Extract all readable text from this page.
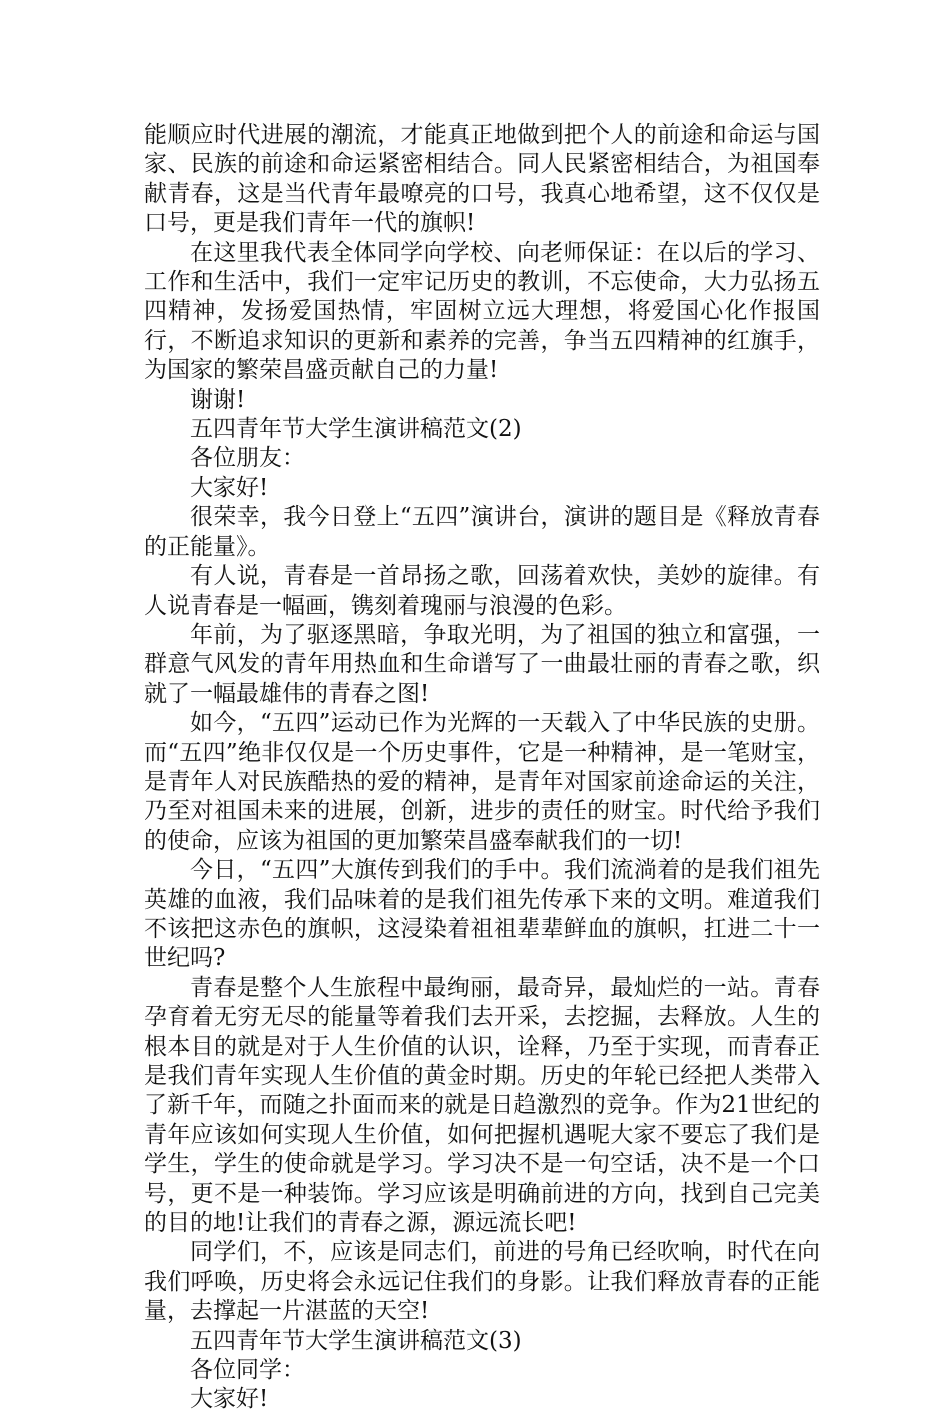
能顺应时代进展的潮流，才能真正地做到把个人的前途和命运与国家、民族的前途和命运紧密相结合。同人民紧密相结合，为祖国奉献青春，这是当代青年最嘹亮的口号，我真心地希望，这不仅仅是口号，更是我们青年一代的旗帜!

在这里我代表全体同学向学校、向老师保证：在以后的学习、工作和生活中，我们一定牢记历史的教训，不忘使命，大力弘扬五四精神，发扬爱国热情，牢固树立远大理想，将爱国心化作报国行，不断追求知识的更新和素养的完善，争当五四精神的红旗手，为国家的繁荣昌盛贡献自己的力量!

谢谢!

五四青年节大学生演讲稿范文(2)

各位朋友：

大家好!

很荣幸，我今日登上“五四”演讲台，演讲的题目是《释放青春的正能量》。

有人说，青春是一首昂扬之歌，回荡着欢快，美妙的旋律。有人说青春是一幅画，镌刻着瑰丽与浪漫的色彩。

年前，为了驱逐黑暗，争取光明，为了祖国的独立和富强，一群意气风发的青年用热血和生命谱写了一曲最壮丽的青春之歌，织就了一幅最雄伟的青春之图!

如今，“五四”运动已作为光辉的一天载入了中华民族的史册。而“五四”绝非仅仅是一个历史事件，它是一种精神，是一笔财宝，是青年人对民族酷热的爱的精神，是青年对国家前途命运的关注，乃至对祖国未来的进展，创新，进步的责任的财宝。时代给予我们的使命，应该为祖国的更加繁荣昌盛奉献我们的一切!

今日，“五四”大旗传到我们的手中。我们流淌着的是我们祖先英雄的血液，我们品味着的是我们祖先传承下来的文明。难道我们不该把这赤色的旗帜，这浸染着祖祖辈辈鲜血的旗帜，扛进二十一世纪吗?

青春是整个人生旅程中最绚丽，最奇异，最灿烂的一站。青春孕育着无穷无尽的能量等着我们去开采，去挖掘，去释放。人生的根本目的就是对于人生价值的认识，诠释，乃至于实现，而青春正是我们青年实现人生价值的黄金时期。历史的年轮已经把人类带入了新千年，而随之扑面而来的就是日趋激烈的竞争。作为21世纪的青年应该如何实现人生价值，如何把握机遇呢大家不要忘了我们是学生，学生的使命就是学习。学习决不是一句空话，决不是一个口号，更不是一种装饰。学习应该是明确前进的方向，找到自己完美的目的地!让我们的青春之源，源远流长吧!

同学们，不，应该是同志们，前进的号角已经吹响，时代在向我们呼唤，历史将会永远记住我们的身影。让我们释放青春的正能量，去撑起一片湛蓝的天空!

五四青年节大学生演讲稿范文(3)

各位同学：

大家好!
